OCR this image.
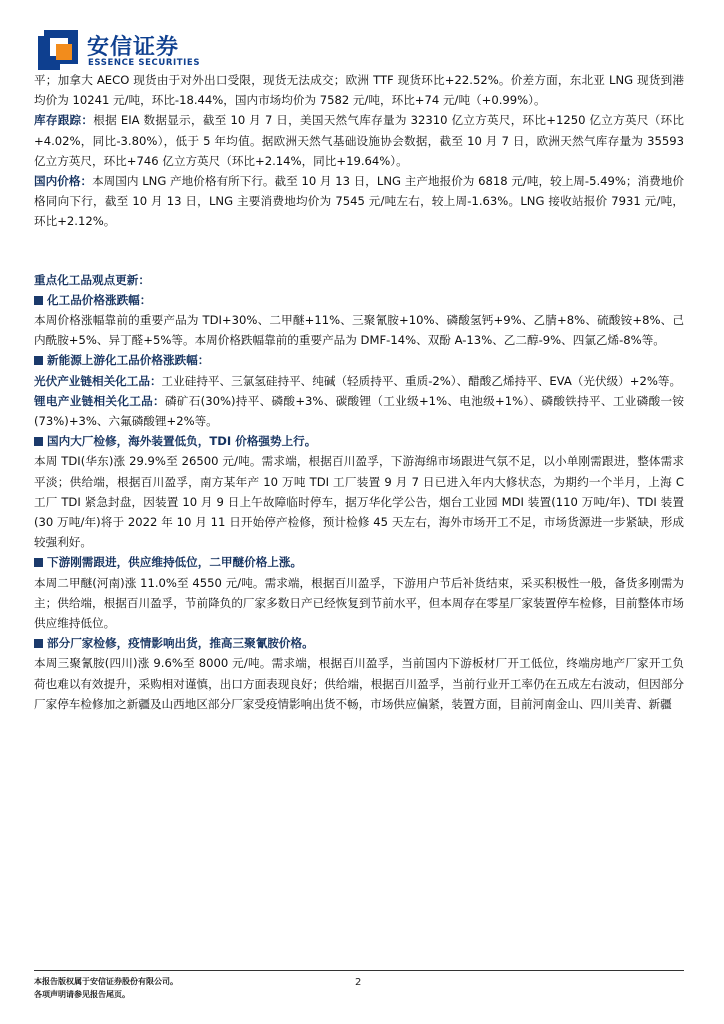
安信证券
ESSENCE SECURITIES

平；加拿大 AECO 现货由于对外出口受限，现货无法成交；欧洲 TTF 现货环比+22.52%。价差方面，东北亚 LNG 现货到港均价为 10241 元/吨，环比-18.44%，国内市场均价为 7582 元/吨，环比+74 元/吨（+0.99%）。

库存跟踪：根据 EIA 数据显示，截至 10 月 7 日，美国天然气库存量为 32310 亿立方英尺，环比+1250 亿立方英尺（环比+4.02%，同比-3.80%），低于 5 年均值。据欧洲天然气基础设施协会数据，截至 10 月 7 日，欧洲天然气库存量为 35593 亿立方英尺，环比+746 亿立方英尺（环比+2.14%，同比+19.64%）。

国内价格：本周国内 LNG 产地价格有所下行。截至 10 月 13 日，LNG 主产地报价为 6818 元/吨，较上周-5.49%；消费地价格同向下行，截至 10 月 13 日，LNG 主要消费地均价为 7545 元/吨左右，较上周-1.63%。LNG 接收站报价 7931 元/吨，环比+2.12%。

重点化工品观点更新：

化工品价格涨跌幅：

本周价格涨幅靠前的重要产品为 TDI+30%、二甲醚+11%、三聚氰胺+10%、磷酸氢钙+9%、乙腈+8%、硫酸铵+8%、己内酰胺+5%、异丁醛+5%等。本周价格跌幅靠前的重要产品为 DMF-14%、双酚 A-13%、乙二醇-9%、四氯乙烯-8%等。

新能源上游化工品价格涨跌幅：

光伏产业链相关化工品：工业硅持平、三氯氢硅持平、纯碱（轻质持平、重质-2%）、醋酸乙烯持平、EVA（光伏级）+2%等。

锂电产业链相关化工品：磷矿石(30%)持平、磷酸+3%、碳酸锂（工业级+1%、电池级+1%）、磷酸铁持平、工业磷酸一铵(73%)+3%、六氟磷酸锂+2%等。

国内大厂检修，海外装置低负，TDI 价格强势上行。

本周 TDI(华东)涨 29.9%至 26500 元/吨。需求端，根据百川盈孚，下游海绵市场跟进气氛不足，以小单刚需跟进，整体需求平淡；供给端，根据百川盈孚，南方某年产 10 万吨 TDI 工厂装置 9 月 7 日已进入年内大修状态，为期约一个半月，上海 C 工厂 TDI 紧急封盘，因装置 10 月 9 日上午故障临时停车，据万华化学公告，烟台工业园 MDI 装置(110 万吨/年)、TDI 装置(30 万吨/年)将于 2022 年 10 月 11 日开始停产检修，预计检修 45 天左右，海外市场开工不足，市场货源进一步紧缺，形成较强利好。

下游刚需跟进，供应维持低位，二甲醚价格上涨。

本周二甲醚(河南)涨 11.0%至 4550 元/吨。需求端，根据百川盈孚，下游用户节后补货结束，采买积极性一般，备货多刚需为主；供给端，根据百川盈孚，节前降负的厂家多数日产已经恢复到节前水平，但本周存在零星厂家装置停车检修，目前整体市场供应维持低位。

部分厂家检修，疫情影响出货，推高三聚氰胺价格。

本周三聚氰胺(四川)涨 9.6%至 8000 元/吨。需求端，根据百川盈孚，当前国内下游板材厂开工低位，终端房地产厂家开工负荷也难以有效提升，采购相对谨慎，出口方面表现良好；供给端，根据百川盈孚，当前行业开工率仍在五成左右波动，但因部分厂家停车检修加之新疆及山西地区部分厂家受疫情影响出货不畅，市场供应偏紧，装置方面，目前河南金山、四川美青、新疆

本报告版权属于安信证券股份有限公司。
各项声明请参见报告尾页。
2
